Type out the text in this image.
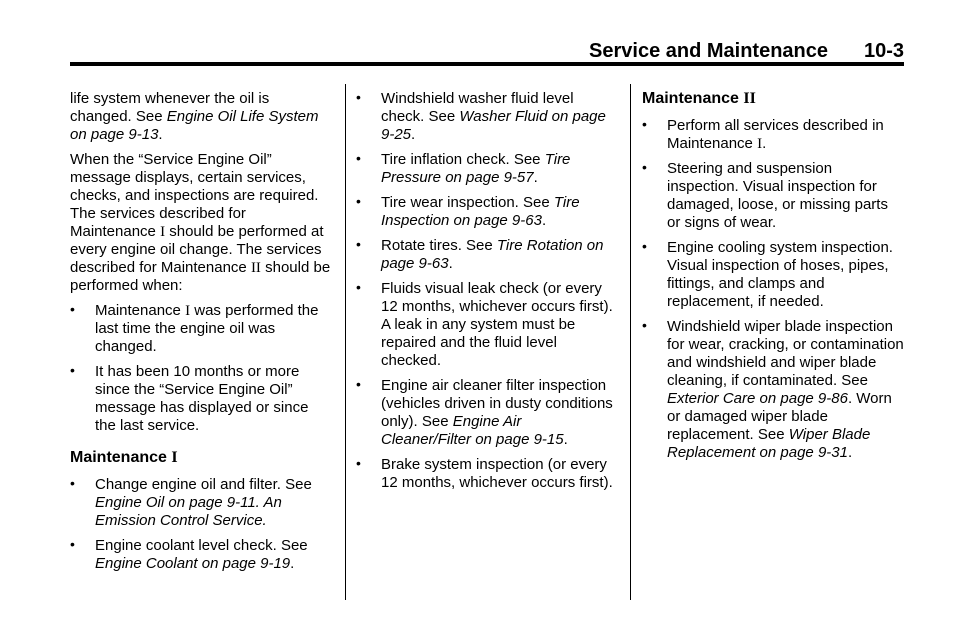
Service and Maintenance 10-3

life system whenever the oil is changed. See Engine Oil Life System on page 9-13.

When the “Service Engine Oil” message displays, certain services, checks, and inspections are required. The services described for Maintenance I should be performed at every engine oil change. The services described for Maintenance II should be performed when:

• Maintenance I was performed the last time the engine oil was changed.
• It has been 10 months or more since the “Service Engine Oil” message has displayed or since the last service.
Maintenance I
• Change engine oil and filter. See Engine Oil on page 9-11. An Emission Control Service.
• Engine coolant level check. See Engine Coolant on page 9-19.
• Windshield washer fluid level check. See Washer Fluid on page 9-25.
• Tire inflation check. See Tire Pressure on page 9-57.
• Tire wear inspection. See Tire Inspection on page 9-63.
• Rotate tires. See Tire Rotation on page 9-63.
• Fluids visual leak check (or every 12 months, whichever occurs first). A leak in any system must be repaired and the fluid level checked.
• Engine air cleaner filter inspection (vehicles driven in dusty conditions only). See Engine Air Cleaner/Filter on page 9-15.
• Brake system inspection (or every 12 months, whichever occurs first).
Maintenance II
• Perform all services described in Maintenance I.
• Steering and suspension inspection. Visual inspection for damaged, loose, or missing parts or signs of wear.
• Engine cooling system inspection. Visual inspection of hoses, pipes, fittings, and clamps and replacement, if needed.
• Windshield wiper blade inspection for wear, cracking, or contamination and windshield and wiper blade cleaning, if contaminated. See Exterior Care on page 9-86. Worn or damaged wiper blade replacement. See Wiper Blade Replacement on page 9-31.
